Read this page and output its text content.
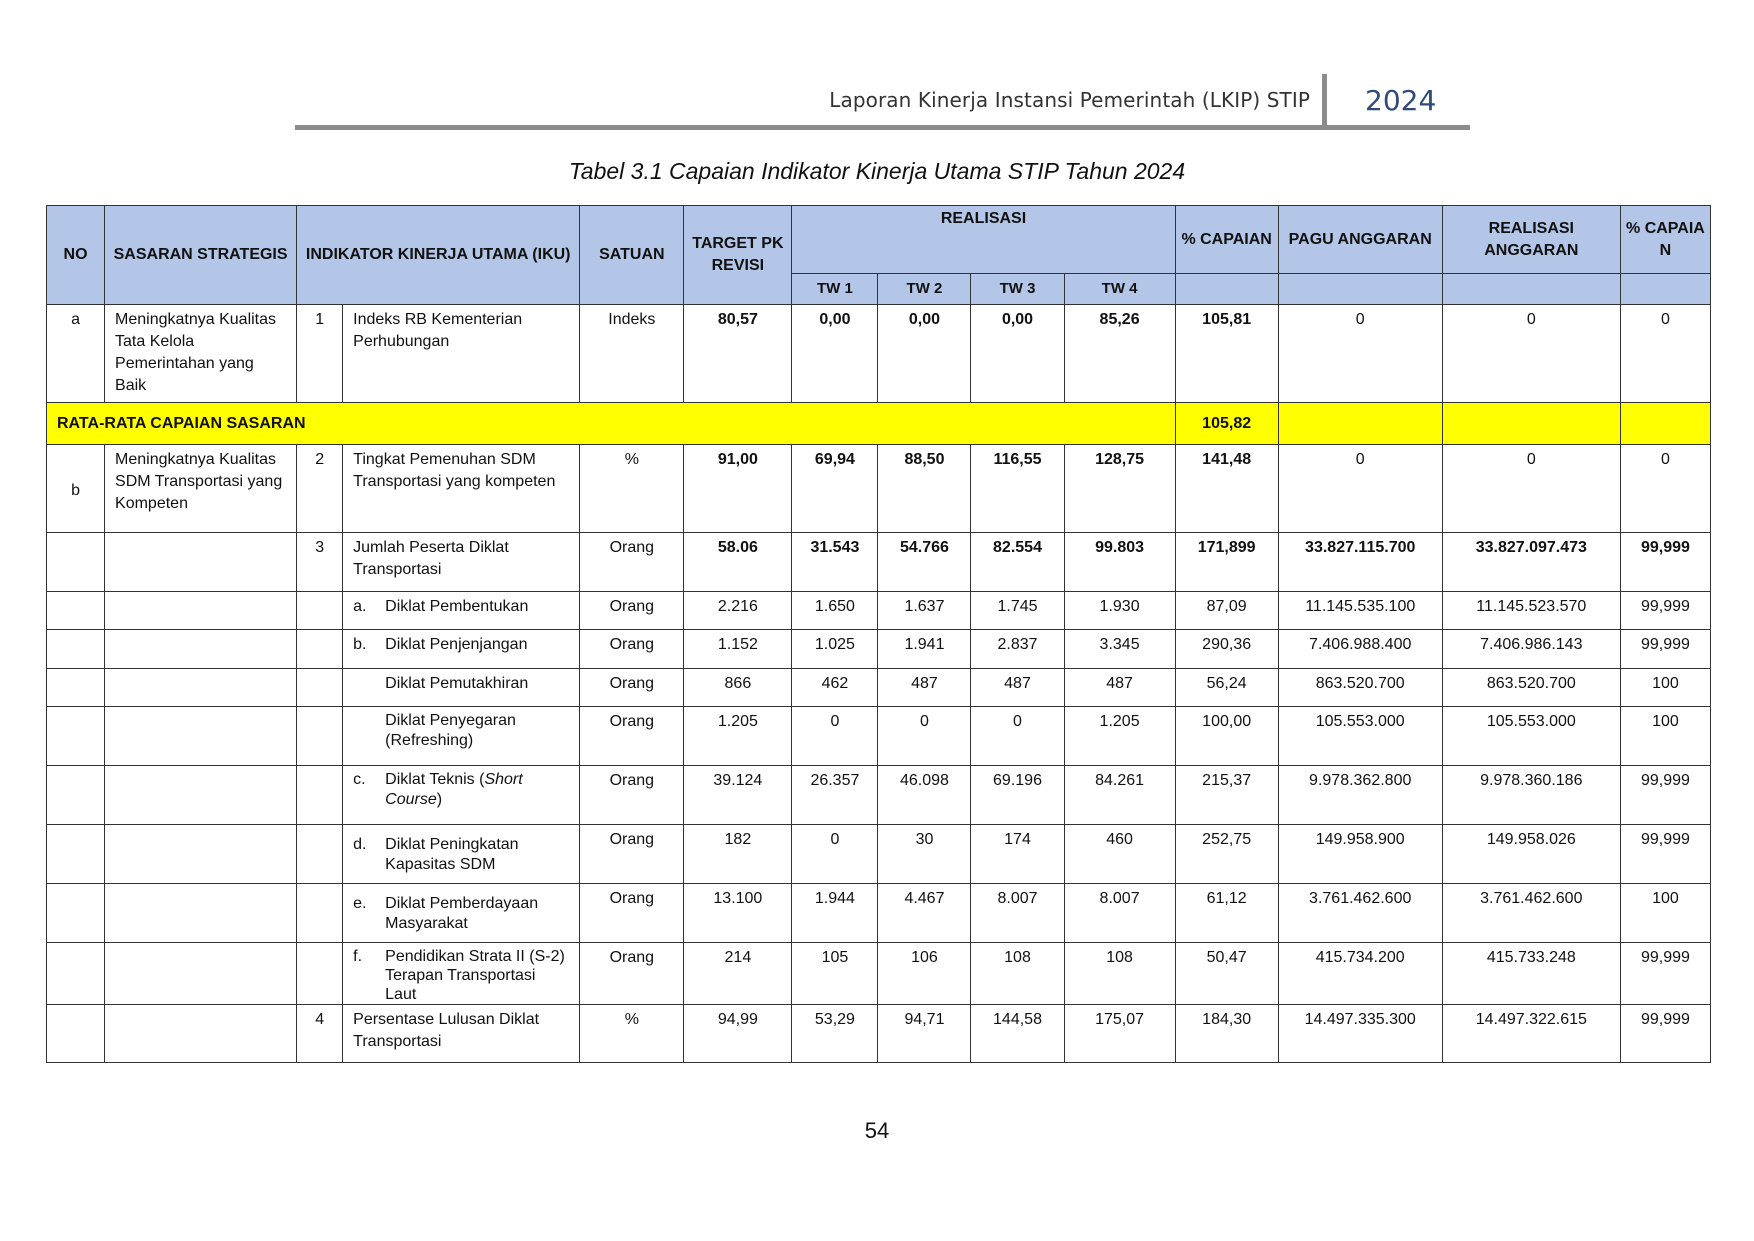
Laporan Kinerja Instansi Pemerintah (LKIP) STIP 2024
Tabel 3.1 Capaian Indikator Kinerja Utama STIP Tahun 2024
NO	SASARAN STRATEGIS	INDIKATOR KINERJA UTAMA (IKU)		SATUAN	TARGET PK REVISI	REALISASI				% CAPAIAN	PAGU ANGGARAN	REALISASI ANGGARAN	% CAPAIA N
						TW 1	TW 2	TW 3	TW 4				

a	Meningkatnya Kualitas Tata Kelola Pemerintahan yang Baik	1	Indeks RB Kementerian Perhubungan	Indeks	80,57	0,00	0,00	0,00	85,26	105,81	0	0	0

RATA-RATA CAPAIAN SASARAN										105,82			

b	Meningkatnya Kualitas SDM Transportasi yang Kompeten	2	Tingkat Pemenuhan SDM Transportasi yang kompeten	%	91,00	69,94	88,50	116,55	128,75	141,48	0	0	0

		3	Jumlah Peserta Diklat Transportasi	Orang	58.06	31.543	54.766	82.554	99.803	171,899	33.827.115.700	33.827.097.473	99,999

			a. Diklat Pembentukan	Orang	2.216	1.650	1.637	1.745	1.930	87,09	11.145.535.100	11.145.523.570	99,999

			b. Diklat Penjenjangan	Orang	1.152	1.025	1.941	2.837	3.345	290,36	7.406.988.400	7.406.986.143	99,999

			Diklat Pemutakhiran	Orang	866	462	487	487	487	56,24	863.520.700	863.520.700	100

			Diklat Penyegaran (Refreshing)	Orang	1.205	0	0	0	1.205	100,00	105.553.000	105.553.000	100

			c. Diklat Teknis (Short Course)	Orang	39.124	26.357	46.098	69.196	84.261	215,37	9.978.362.800	9.978.360.186	99,999

			d. Diklat Peningkatan Kapasitas SDM	Orang	182	0	30	174	460	252,75	149.958.900	149.958.026	99,999

			e. Diklat Pemberdayaan Masyarakat	Orang	13.100	1.944	4.467	8.007	8.007	61,12	3.761.462.600	3.761.462.600	100

			f. Pendidikan Strata II (S-2) Terapan Transportasi Laut	Orang	214	105	106	108	108	50,47	415.734.200	415.733.248	99,999

		4	Persentase Lulusan Diklat Transportasi	%	94,99	53,29	94,71	144,58	175,07	184,30	14.497.335.300	14.497.322.615	99,999
54
